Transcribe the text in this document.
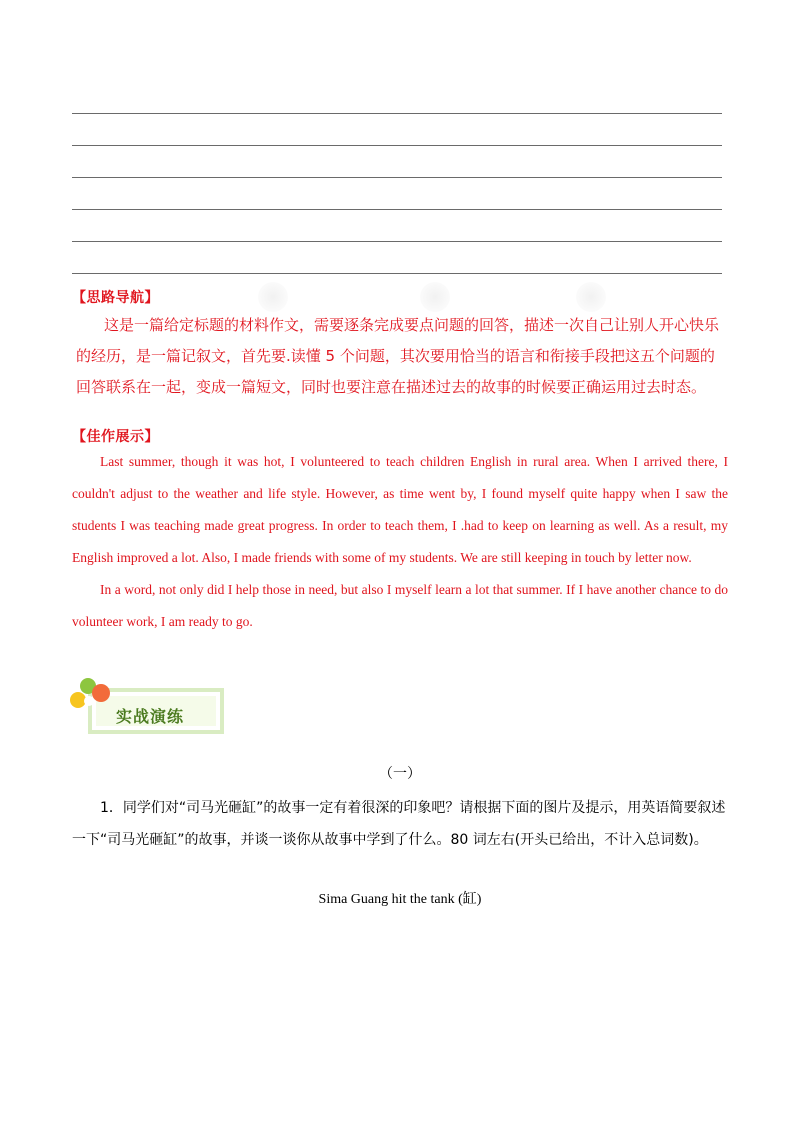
【思路导航】

这是一篇给定标题的材料作文，需要逐条完成要点问题的回答，描述一次自己让别人开心快乐的经历，是一篇记叙文，首先要.读懂 5 个问题，其次要用恰当的语言和衔接手段把这五个问题的回答联系在一起，变成一篇短文，同时也要注意在描述过去的故事的时候要正确运用过去时态。

【佳作展示】

Last summer, though it was hot, I volunteered to teach children English in rural area. When I arrived there, I couldn't adjust to the weather and life style. However, as time went by, I found myself quite happy when I saw the students I was teaching made great progress. In order to teach them, I .had to keep on learning as well. As a result, my English improved a lot. Also, I made friends with some of my students. We are still keeping in touch by letter now.

In a word, not only did I help those in need, but also I myself learn a lot that summer. If I have another chance to do volunteer work, I am ready to go.

实战演练
（一）

1．同学们对“司马光砸缸”的故事一定有着很深的印象吧？请根据下面的图片及提示，用英语简要叙述一下“司马光砸缸”的故事，并谈一谈你从故事中学到了什么。80 词左右(开头已给出，不计入总词数)。

Sima Guang hit the tank (缸)
